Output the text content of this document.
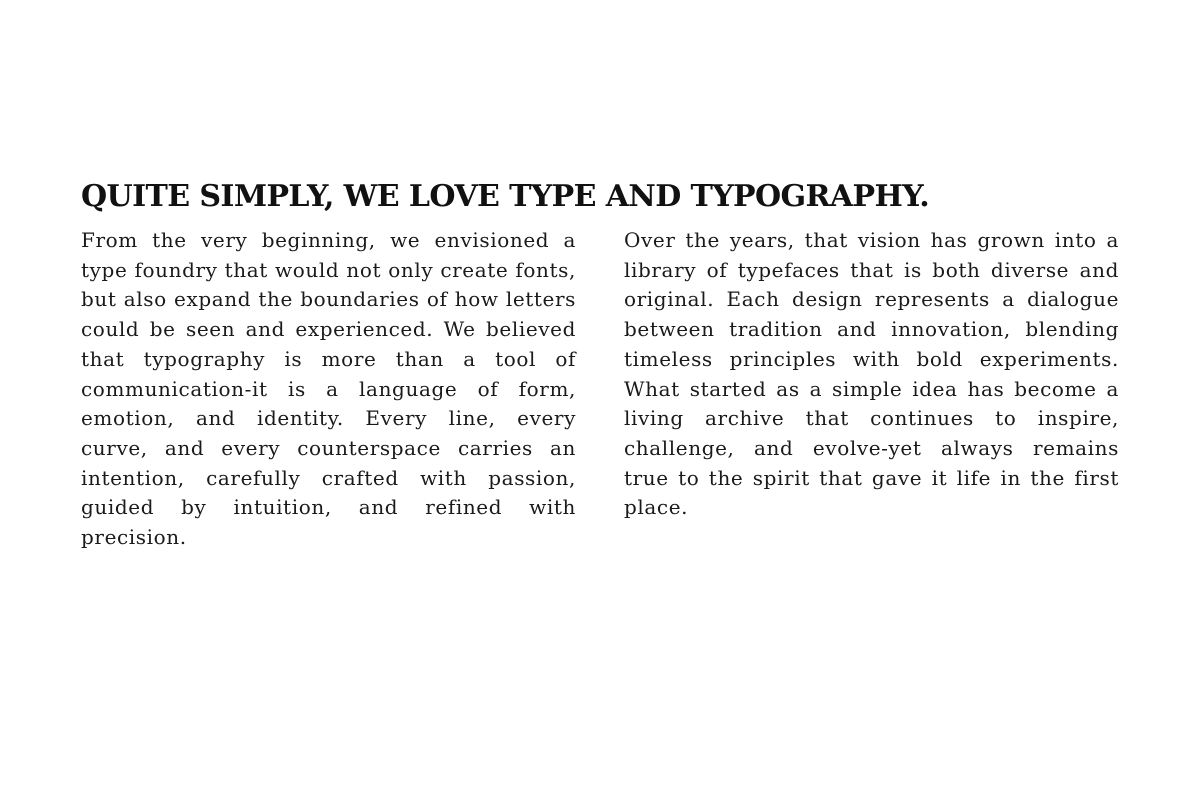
QUITE SIMPLY, WE LOVE TYPE AND TYPOGRAPHY.

From the very beginning, we envisioned a type foundry that would not only create fonts, but also expand the boundaries of how letters could be seen and experienced. We believed that typography is more than a tool of communication-it is a language of form, emotion, and identity. Every line, every curve, and every counterspace carries an intention, carefully crafted with passion, guided by intuition, and refined with precision.

Over the years, that vision has grown into a library of typefaces that is both diverse and original. Each design represents a dialogue between tradition and innovation, blending timeless principles with bold experiments. What started as a simple idea has become a living archive that continues to inspire, challenge, and evolve-yet always remains true to the spirit that gave it life in the first place.
